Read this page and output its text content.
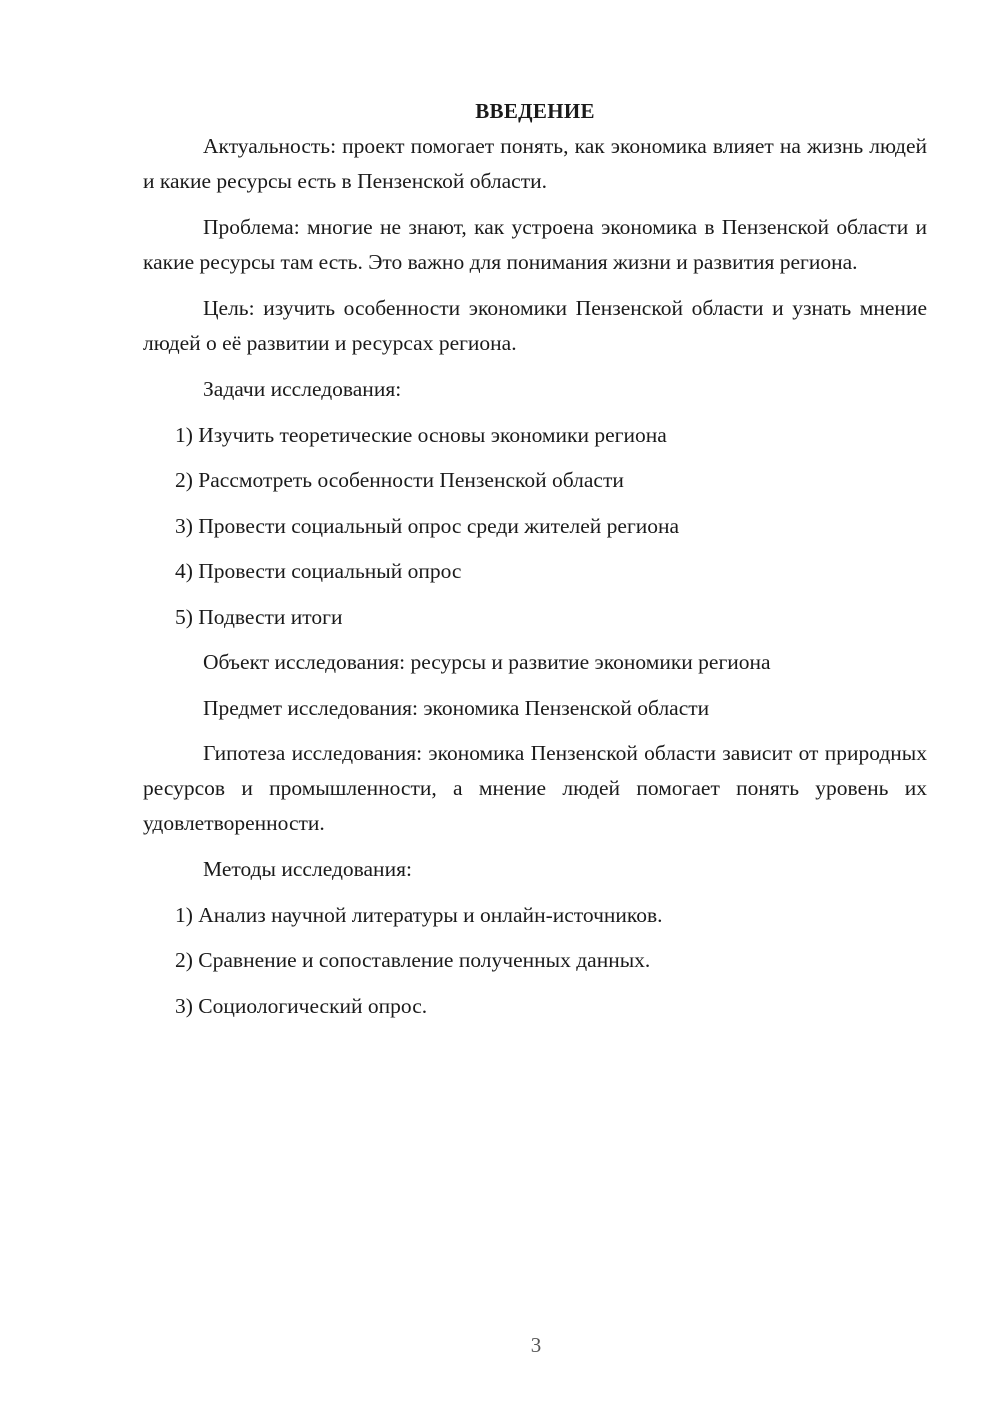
ВВЕДЕНИЕ

Актуальность: проект помогает понять, как экономика влияет на жизнь людей и какие ресурсы есть в Пензенской области.

Проблема: многие не знают, как устроена экономика в Пензенской области и какие ресурсы там есть. Это важно для понимания жизни и развития региона.

Цель: изучить особенности экономики Пензенской области и узнать мнение людей о её развитии и ресурсах региона.

Задачи исследования:
1) Изучить теоретические основы экономики региона
2) Рассмотреть особенности Пензенской области
3) Провести социальный опрос среди жителей региона
4) Провести социальный опрос
5) Подвести итоги
Объект исследования: ресурсы и развитие экономики региона
Предмет исследования: экономика Пензенской области

Гипотеза исследования: экономика Пензенской области зависит от природных ресурсов и промышленности, а мнение людей помогает понять уровень их удовлетворенности.

Методы исследования:
1) Анализ научной литературы и онлайн-источников.
2) Сравнение и сопоставление полученных данных.
3) Социологический опрос.
3
